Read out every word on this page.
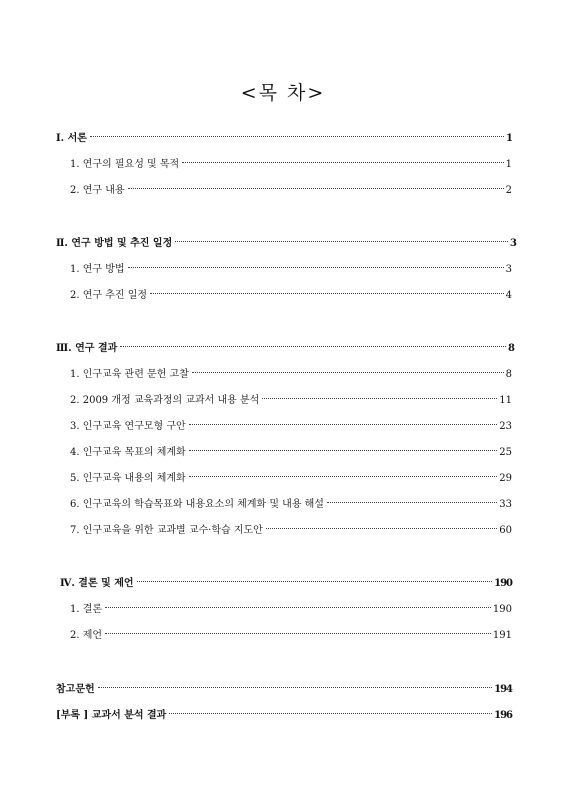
<목 차>
Ⅰ. 서론	1
1. 연구의 필요성 및 목적	1
2. 연구 내용	2
Ⅱ. 연구 방법 및 추진 일정	3
1. 연구 방법	3
2. 연구 추진 일정	4
Ⅲ. 연구 결과	8
1. 인구교육 관련 문헌 고찰	8
2. 2009 개정 교육과정의 교과서 내용 분석	11
3. 인구교육 연구모형 구안	23
4. 인구교육 목표의 체계화	25
5. 인구교육 내용의 체계화	29
6. 인구교육의 학습목표와 내용요소의 체계화 및 내용 해설	33
7. 인구교육을 위한 교과별 교수·학습 지도안	60
Ⅳ. 결론 및 제언	190
1. 결론	190
2. 제언	191
참고문헌	194
[부록 ] 교과서 분석 결과	196
